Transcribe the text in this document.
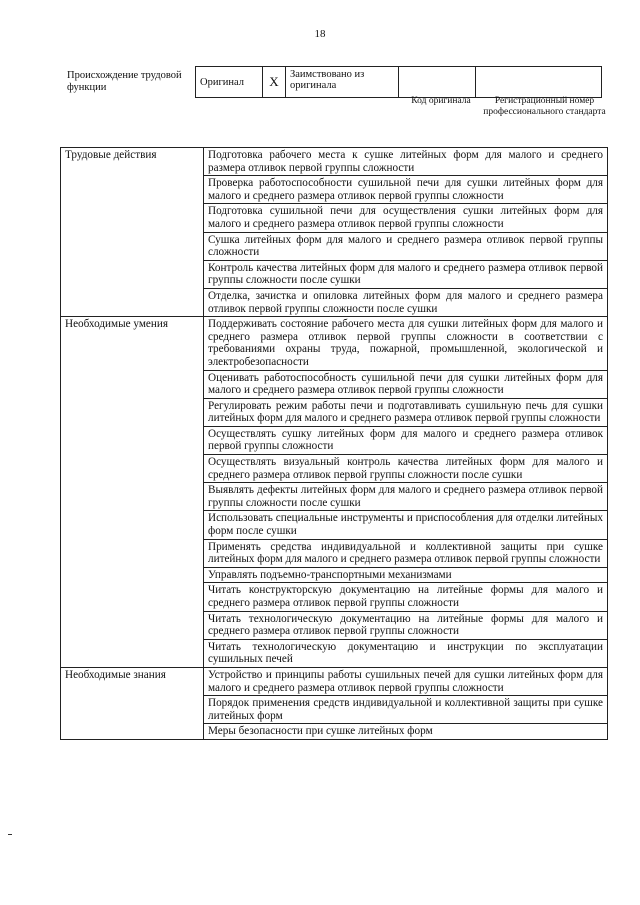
18
Происхождение трудовой функции	Оригинал	X	Заимствовано из оригинала		
Код оригинала	Регистрационный номер профессионального стандарта
Трудовые действия	Подготовка рабочего места к сушке литейных форм для малого и среднего размера отливок первой группы сложности
	Проверка работоспособности сушильной печи для сушки литейных форм для малого и среднего размера отливок первой группы сложности
	Подготовка сушильной печи для осуществления сушки литейных форм для малого и среднего размера отливок первой группы сложности
	Сушка литейных форм для малого и среднего размера отливок первой группы сложности
	Контроль качества литейных форм для малого и среднего размера отливок первой группы сложности после сушки
	Отделка, зачистка и опиловка литейных форм для малого и среднего размера отливок первой группы сложности после сушки
Необходимые умения	Поддерживать состояние рабочего места для сушки литейных форм для малого и среднего размера отливок первой группы сложности в соответствии с требованиями охраны труда, пожарной, промышленной, экологической и электробезопасности
	Оценивать работоспособность сушильной печи для сушки литейных форм для малого и среднего размера отливок первой группы сложности
	Регулировать режим работы печи и подготавливать сушильную печь для сушки литейных форм для малого и среднего размера отливок первой группы сложности
	Осуществлять сушку литейных форм для малого и среднего размера отливок первой группы сложности
	Осуществлять визуальный контроль качества литейных форм для малого и среднего размера отливок первой группы сложности после сушки
	Выявлять дефекты литейных форм для малого и среднего размера отливок первой группы сложности после сушки
	Использовать специальные инструменты и приспособления для отделки литейных форм после сушки
	Применять средства индивидуальной и коллективной защиты при сушке литейных форм для малого и среднего размера отливок первой группы сложности
	Управлять подъемно-транспортными механизмами
	Читать конструкторскую документацию на литейные формы для малого и среднего размера отливок первой группы сложности
	Читать технологическую документацию на литейные формы для малого и среднего размера отливок первой группы сложности
	Читать технологическую документацию и инструкции по эксплуатации сушильных печей
Необходимые знания	Устройство и принципы работы сушильных печей для сушки литейных форм для малого и среднего размера отливок первой группы сложности
	Порядок применения средств индивидуальной и коллективной защиты при сушке литейных форм
	Меры безопасности при сушке литейных форм
